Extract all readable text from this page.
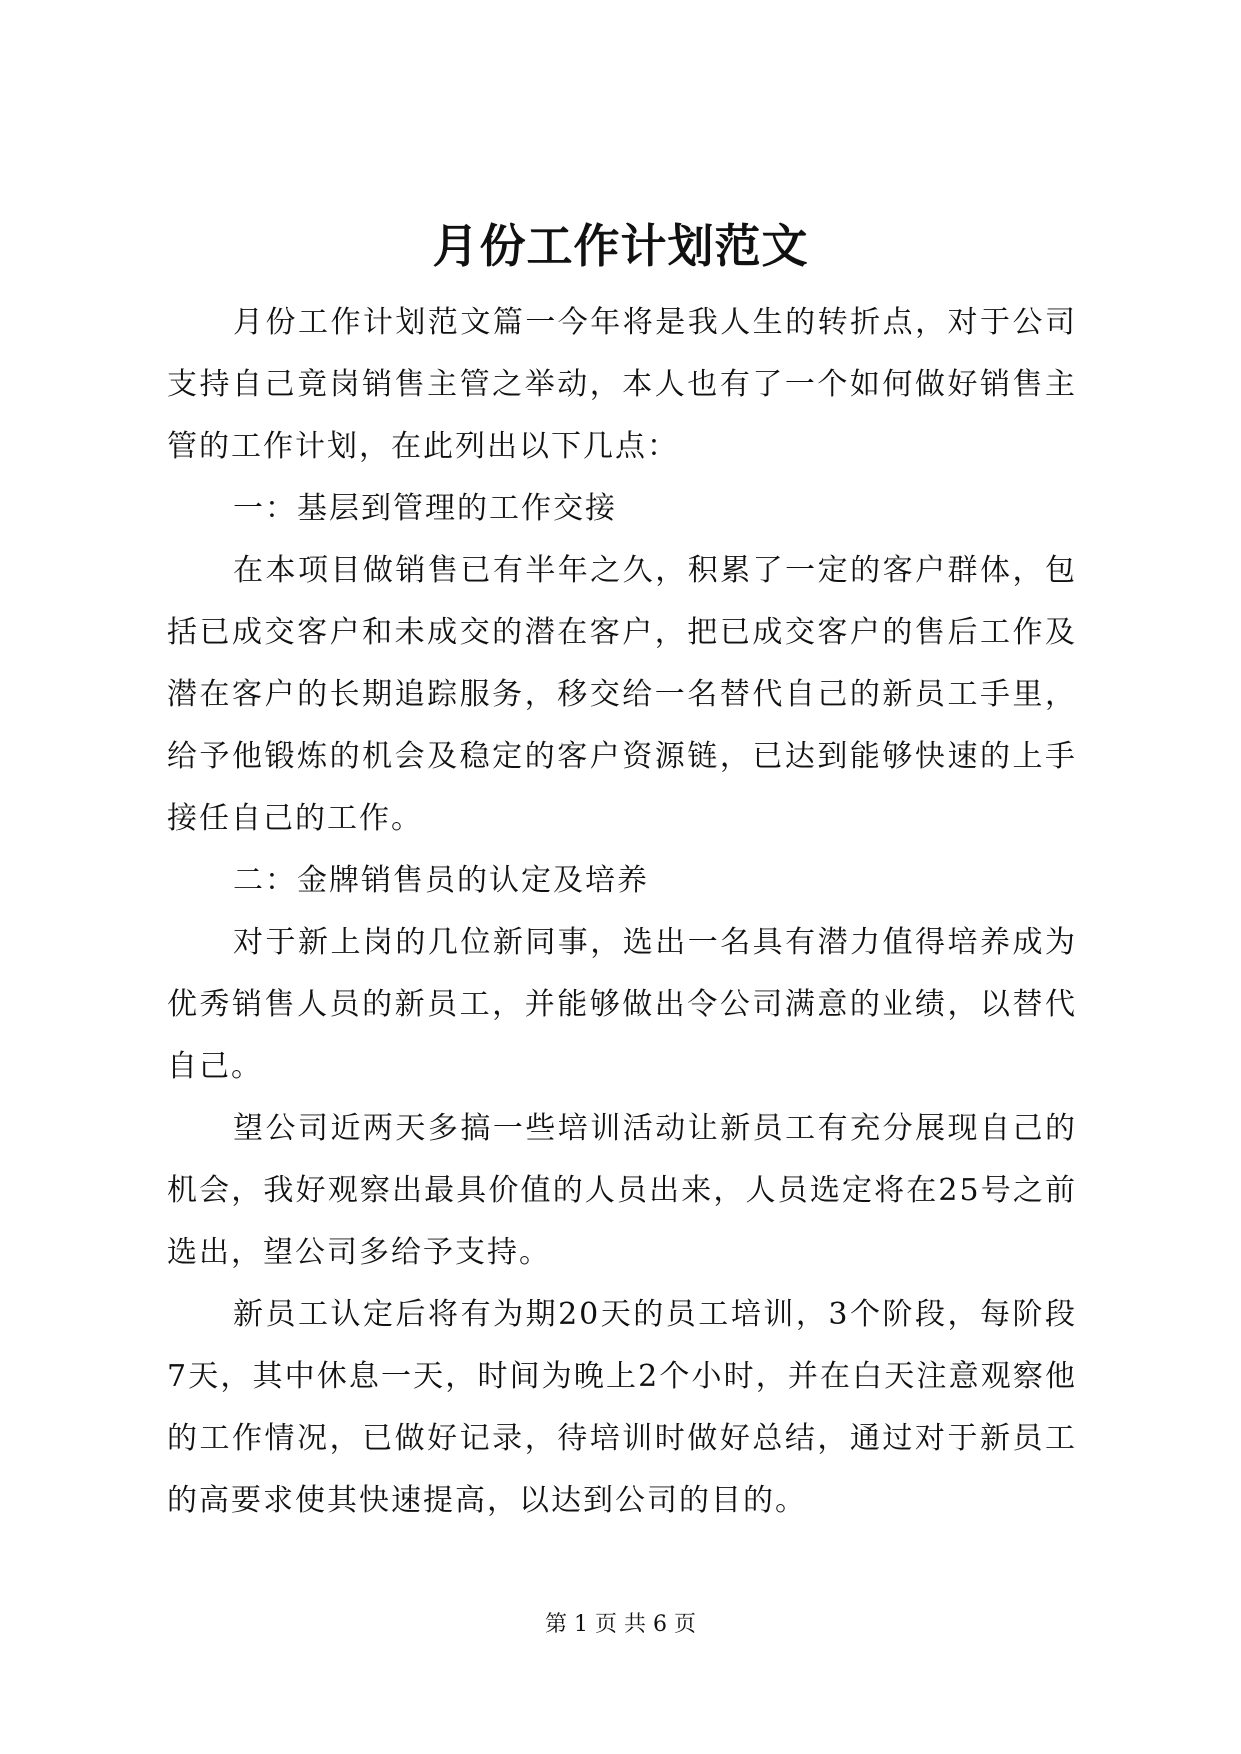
月份工作计划范文

月份工作计划范文篇一今年将是我人生的转折点，对于公司支持自己竟岗销售主管之举动，本人也有了一个如何做好销售主管的工作计划，在此列出以下几点：

一：基层到管理的工作交接

在本项目做销售已有半年之久，积累了一定的客户群体，包括已成交客户和未成交的潜在客户，把已成交客户的售后工作及潜在客户的长期追踪服务，移交给一名替代自己的新员工手里，给予他锻炼的机会及稳定的客户资源链，已达到能够快速的上手接任自己的工作。

二：金牌销售员的认定及培养

对于新上岗的几位新同事，选出一名具有潜力值得培养成为优秀销售人员的新员工，并能够做出令公司满意的业绩，以替代自己。

望公司近两天多搞一些培训活动让新员工有充分展现自己的机会，我好观察出最具价值的人员出来，人员选定将在25号之前选出，望公司多给予支持。

新员工认定后将有为期20天的员工培训，3个阶段，每阶段7天，其中休息一天，时间为晚上2个小时，并在白天注意观察他的工作情况，已做好记录，待培训时做好总结，通过对于新员工的高要求使其快速提高，以达到公司的目的。

第 1 页 共 6 页
